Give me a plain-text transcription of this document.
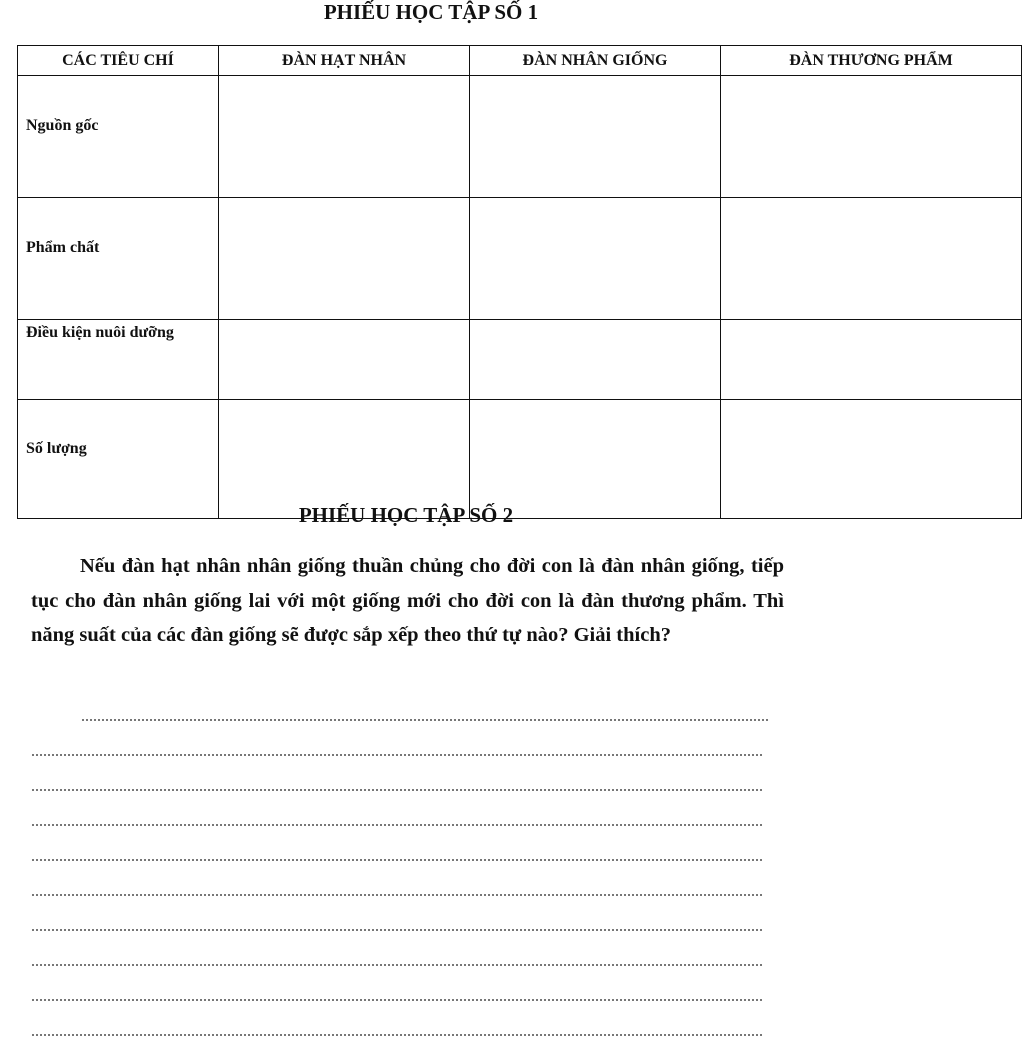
PHIẾU HỌC TẬP SỐ 1
CÁC TIÊU CHÍ	ĐÀN HẠT NHÂN	ĐÀN NHÂN GIỐNG	ĐÀN THƯƠNG PHẨM
Nguồn gốc			
Phẩm chất			
Điều kiện nuôi dưỡng			
Số lượng			
PHIẾU HỌC TẬP SỐ 2

Nếu đàn hạt nhân nhân giống thuần chủng cho đời con là đàn nhân giống, tiếp tục cho đàn nhân giống lai với một giống mới cho đời con là đàn thương phẩm. Thì năng suất của các đàn giống sẽ được sắp xếp theo thứ tự nào? Giải thích?
